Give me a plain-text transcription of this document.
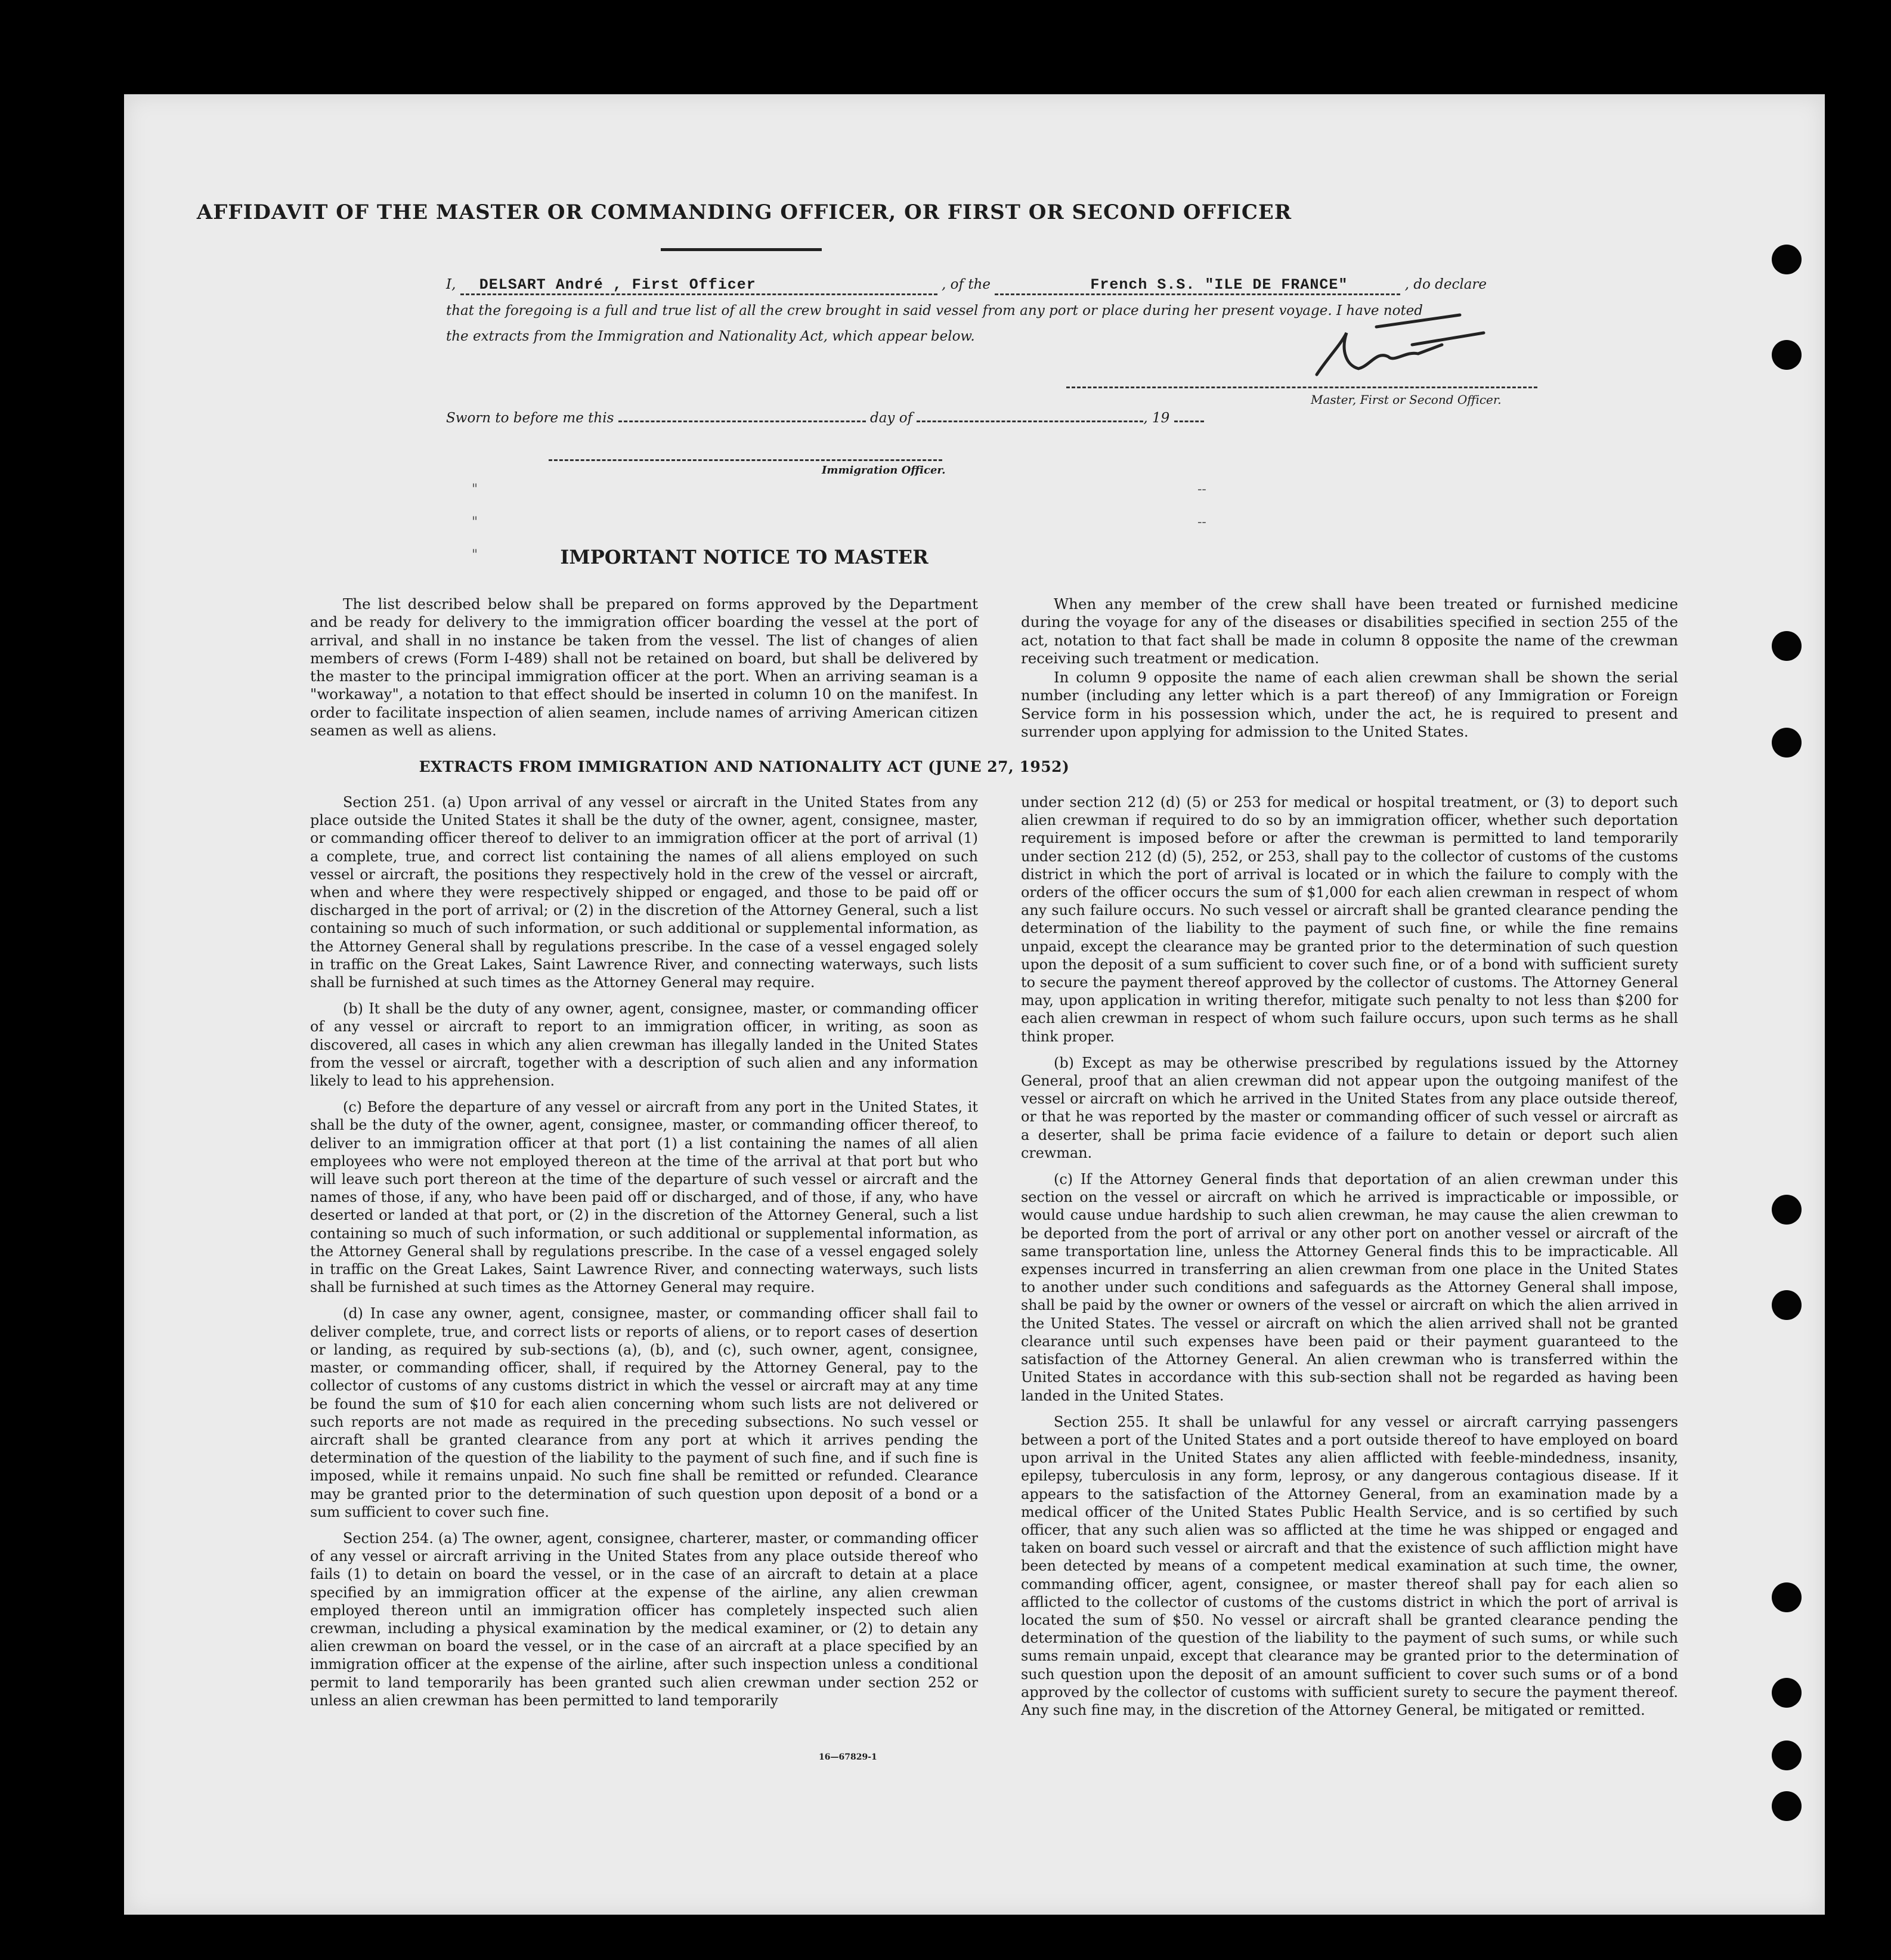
AFFIDAVIT OF THE MASTER OR COMMANDING OFFICER, OR FIRST OR SECOND OFFICER
I, DELSART André , First Officer	, of the	French S.S. "ILE DE FRANCE"	, do declare
that the foregoing is a full and true list of all the crew brought in said vessel from any port or place during her present voyage. I have noted
the extracts from the Immigration and Nationality Act, which appear below.
Master, First or Second Officer.
Sworn to before me this	day of	, 19
Immigration Officer.
"
"
"
--
--
IMPORTANT NOTICE TO MASTER

The list described below shall be prepared on forms approved by the Department and be ready for delivery to the immigration officer boarding the vessel at the port of arrival, and shall in no instance be taken from the vessel. The list of changes of alien members of crews (Form I-489) shall not be retained on board, but shall be delivered by the master to the principal immigration officer at the port. When an arriving seaman is a "workaway", a notation to that effect should be inserted in column 10 on the manifest. In order to facilitate inspection of alien seamen, include names of arriving American citizen seamen as well as aliens.

When any member of the crew shall have been treated or furnished medicine during the voyage for any of the diseases or disabilities specified in section 255 of the act, notation to that fact shall be made in column 8 opposite the name of the crewman receiving such treatment or medication.

In column 9 opposite the name of each alien crewman shall be shown the serial number (including any letter which is a part thereof) of any Immigration or Foreign Service form in his possession which, under the act, he is required to present and surrender upon applying for admission to the United States.

EXTRACTS FROM IMMIGRATION AND NATIONALITY ACT (JUNE 27, 1952)

Section 251. (a) Upon arrival of any vessel or aircraft in the United States from any place outside the United States it shall be the duty of the owner, agent, consignee, master, or commanding officer thereof to deliver to an immigration officer at the port of arrival (1) a complete, true, and correct list containing the names of all aliens employed on such vessel or aircraft, the positions they respectively hold in the crew of the vessel or aircraft, when and where they were respectively shipped or engaged, and those to be paid off or discharged in the port of arrival; or (2) in the discretion of the Attorney General, such a list containing so much of such information, or such additional or supplemental information, as the Attorney General shall by regulations prescribe. In the case of a vessel engaged solely in traffic on the Great Lakes, Saint Lawrence River, and connecting waterways, such lists shall be furnished at such times as the Attorney General may require.

(b) It shall be the duty of any owner, agent, consignee, master, or commanding officer of any vessel or aircraft to report to an immigration officer, in writing, as soon as discovered, all cases in which any alien crewman has illegally landed in the United States from the vessel or aircraft, together with a description of such alien and any information likely to lead to his apprehension.

(c) Before the departure of any vessel or aircraft from any port in the United States, it shall be the duty of the owner, agent, consignee, master, or commanding officer thereof, to deliver to an immigration officer at that port (1) a list containing the names of all alien employees who were not employed thereon at the time of the arrival at that port but who will leave such port thereon at the time of the departure of such vessel or aircraft and the names of those, if any, who have been paid off or discharged, and of those, if any, who have deserted or landed at that port, or (2) in the discretion of the Attorney General, such a list containing so much of such information, or such additional or supplemental information, as the Attorney General shall by regulations prescribe. In the case of a vessel engaged solely in traffic on the Great Lakes, Saint Lawrence River, and connecting waterways, such lists shall be furnished at such times as the Attorney General may require.

(d) In case any owner, agent, consignee, master, or commanding officer shall fail to deliver complete, true, and correct lists or reports of aliens, or to report cases of desertion or landing, as required by sub-sections (a), (b), and (c), such owner, agent, consignee, master, or commanding officer, shall, if required by the Attorney General, pay to the collector of customs of any customs district in which the vessel or aircraft may at any time be found the sum of $10 for each alien concerning whom such lists are not delivered or such reports are not made as required in the preceding subsections. No such vessel or aircraft shall be granted clearance from any port at which it arrives pending the determination of the question of the liability to the payment of such fine, and if such fine is imposed, while it remains unpaid. No such fine shall be remitted or refunded. Clearance may be granted prior to the determination of such question upon deposit of a bond or a sum sufficient to cover such fine.

Section 254. (a) The owner, agent, consignee, charterer, master, or commanding officer of any vessel or aircraft arriving in the United States from any place outside thereof who fails (1) to detain on board the vessel, or in the case of an aircraft to detain at a place specified by an immigration officer at the expense of the airline, any alien crewman employed thereon until an immigration officer has completely inspected such alien crewman, including a physical examination by the medical examiner, or (2) to detain any alien crewman on board the vessel, or in the case of an aircraft at a place specified by an immigration officer at the expense of the airline, after such inspection unless a conditional permit to land temporarily has been granted such alien crewman under section 252 or unless an alien crewman has been permitted to land temporarily

under section 212 (d) (5) or 253 for medical or hospital treatment, or (3) to deport such alien crewman if required to do so by an immigration officer, whether such deportation requirement is imposed before or after the crewman is permitted to land temporarily under section 212 (d) (5), 252, or 253, shall pay to the collector of customs of the customs district in which the port of arrival is located or in which the failure to comply with the orders of the officer occurs the sum of $1,000 for each alien crewman in respect of whom any such failure occurs. No such vessel or aircraft shall be granted clearance pending the determination of the liability to the payment of such fine, or while the fine remains unpaid, except the clearance may be granted prior to the determination of such question upon the deposit of a sum sufficient to cover such fine, or of a bond with sufficient surety to secure the payment thereof approved by the collector of customs. The Attorney General may, upon application in writing therefor, mitigate such penalty to not less than $200 for each alien crewman in respect of whom such failure occurs, upon such terms as he shall think proper.

(b) Except as may be otherwise prescribed by regulations issued by the Attorney General, proof that an alien crewman did not appear upon the outgoing manifest of the vessel or aircraft on which he arrived in the United States from any place outside thereof, or that he was reported by the master or commanding officer of such vessel or aircraft as a deserter, shall be prima facie evidence of a failure to detain or deport such alien crewman.

(c) If the Attorney General finds that deportation of an alien crewman under this section on the vessel or aircraft on which he arrived is impracticable or impossible, or would cause undue hardship to such alien crewman, he may cause the alien crewman to be deported from the port of arrival or any other port on another vessel or aircraft of the same transportation line, unless the Attorney General finds this to be impracticable. All expenses incurred in transferring an alien crewman from one place in the United States to another under such conditions and safeguards as the Attorney General shall impose, shall be paid by the owner or owners of the vessel or aircraft on which the alien arrived in the United States. The vessel or aircraft on which the alien arrived shall not be granted clearance until such expenses have been paid or their payment guaranteed to the satisfaction of the Attorney General. An alien crewman who is transferred within the United States in accordance with this sub-section shall not be regarded as having been landed in the United States.

Section 255. It shall be unlawful for any vessel or aircraft carrying passengers between a port of the United States and a port outside thereof to have employed on board upon arrival in the United States any alien afflicted with feeble-mindedness, insanity, epilepsy, tuberculosis in any form, leprosy, or any dangerous contagious disease. If it appears to the satisfaction of the Attorney General, from an examination made by a medical officer of the United States Public Health Service, and is so certified by such officer, that any such alien was so afflicted at the time he was shipped or engaged and taken on board such vessel or aircraft and that the existence of such affliction might have been detected by means of a competent medical examination at such time, the owner, commanding officer, agent, consignee, or master thereof shall pay for each alien so afflicted to the collector of customs of the customs district in which the port of arrival is located the sum of $50. No vessel or aircraft shall be granted clearance pending the determination of the question of the liability to the payment of such sums, or while such sums remain unpaid, except that clearance may be granted prior to the determination of such question upon the deposit of an amount sufficient to cover such sums or of a bond approved by the collector of customs with sufficient surety to secure the payment thereof. Any such fine may, in the discretion of the Attorney General, be mitigated or remitted.

16—67829-1
